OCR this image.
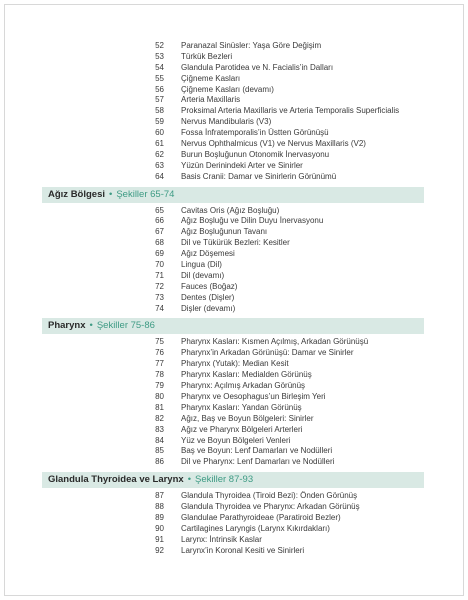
52 Paranazal Sinüsler: Yaşa Göre Değişim
53 Türkük Bezleri
54 Glandula Parotidea ve N. Facialis’in Dalları
55 Çiğneme Kasları
56 Çiğneme Kasları (devamı)
57 Arteria Maxillaris
58 Proksimal Arteria Maxillaris ve Arteria Temporalis Superficialis
59 Nervus Mandibularis (V3)
60 Fossa İnfratemporalis’in Üstten Görünüşü
61 Nervus Ophthalmicus (V1) ve Nervus Maxillaris (V2)
62 Burun Boşluğunun Otonomik İnervasyonu
63 Yüzün Derinindeki Arter ve Sinirler
64 Basis Cranii: Damar ve Sinirlerin Görünümü
Ağız Bölgesi • Şekiller 65-74
65 Cavitas Oris (Ağız Boşluğu)
66 Ağız Boşluğu ve Dilin Duyu İnervasyonu
67 Ağız Boşluğunun Tavanı
68 Dil ve Tükürük Bezleri: Kesitler
69 Ağız Döşemesi
70 Lingua (Dil)
71 Dil (devamı)
72 Fauces (Boğaz)
73 Dentes (Dişler)
74 Dişler (devamı)
Pharynx • Şekiller 75-86
75 Pharynx Kasları: Kısmen Açılmış, Arkadan Görünüşü
76 Pharynx’in Arkadan Görünüşü: Damar ve Sinirler
77 Pharynx (Yutak): Median Kesit
78 Pharynx Kasları: Medialden Görünüş
79 Pharynx: Açılmış Arkadan Görünüş
80 Pharynx ve Oesophagus’un Birleşim Yeri
81 Pharynx Kasları: Yandan Görünüş
82 Ağız, Baş ve Boyun Bölgeleri: Sinirler
83 Ağız ve Pharynx Bölgeleri Arterleri
84 Yüz ve Boyun Bölgeleri Venleri
85 Baş ve Boyun: Lenf Damarları ve Nodülleri
86 Dil ve Pharynx: Lenf Damarları ve Nodülleri
Glandula Thyroidea ve Larynx • Şekiller 87-93
87 Glandula Thyroidea (Tiroid Bezi): Önden Görünüş
88 Glandula Thyroidea ve Pharynx: Arkadan Görünüş
89 Glandulae Parathyroideae (Paratiroid Bezler)
90 Cartilagines Laryngis (Larynx Kıkırdakları)
91 Larynx: İntrinsik Kaslar
92 Larynx’in Koronal Kesiti ve Sinirleri
